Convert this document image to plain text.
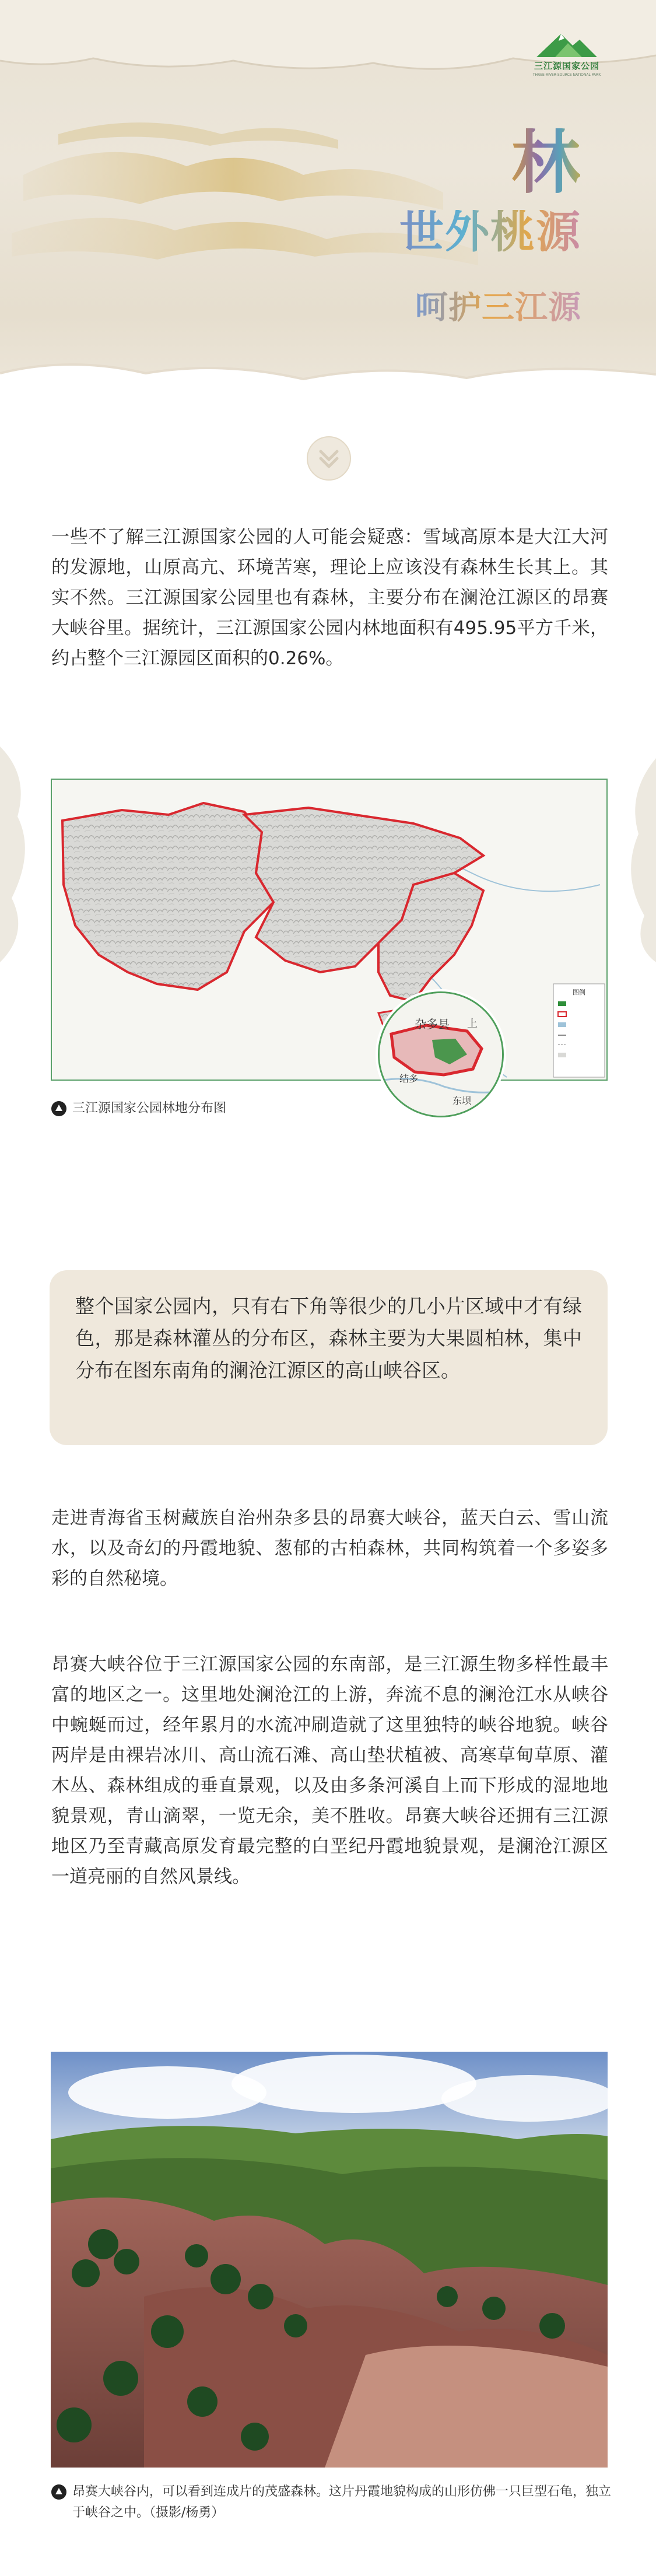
三江源国家公园
THREE-RIVER-SOURCE NATIONAL PARK
林
世外桃源
呵护三江源

一些不了解三江源国家公园的人可能会疑惑：雪域高原本是大江大河的发源地，山原高亢、环境苦寒，理论上应该没有森林生长其上。其实不然。三江源国家公园里也有森林，主要分布在澜沧江源区的昂赛大峡谷里。据统计，三江源国家公园内林地面积有495.95平方千米，约占整个三江源园区面积的0.26%。

图例
杂多县 上
结多
东坝
三江源国家公园林地分布图

整个国家公园内，只有右下角等很少的几小片区域中才有绿色，那是森林灌丛的分布区，森林主要为大果圆柏林，集中分布在图东南角的澜沧江源区的高山峡谷区。

走进青海省玉树藏族自治州杂多县的昂赛大峡谷，蓝天白云、雪山流水，以及奇幻的丹霞地貌、葱郁的古柏森林，共同构筑着一个多姿多彩的自然秘境。

昂赛大峡谷位于三江源国家公园的东南部，是三江源生物多样性最丰富的地区之一。这里地处澜沧江的上游，奔流不息的澜沧江水从峡谷中蜿蜒而过，经年累月的水流冲刷造就了这里独特的峡谷地貌。峡谷两岸是由裸岩冰川、高山流石滩、高山垫状植被、高寒草甸草原、灌木丛、森林组成的垂直景观，以及由多条河溪自上而下形成的湿地地貌景观，青山滴翠，一览无余，美不胜收。昂赛大峡谷还拥有三江源地区乃至青藏高原发育最完整的白垩纪丹霞地貌景观，是澜沧江源区一道亮丽的自然风景线。

昂赛大峡谷内，可以看到连成片的茂盛森林。这片丹霞地貌构成的山形仿佛一只巨型石龟，独立于峡谷之中。（摄影/杨勇）
